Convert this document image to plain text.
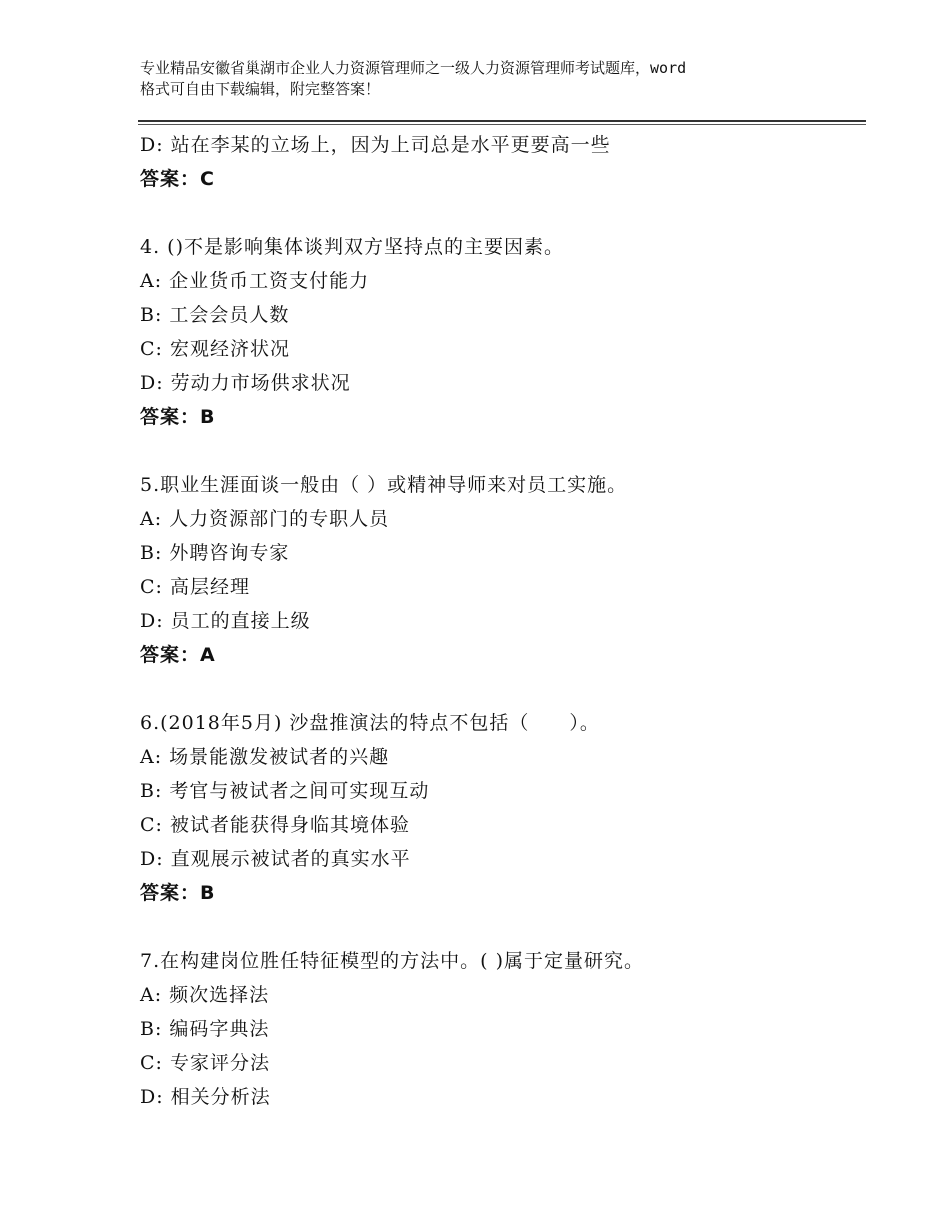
专业精品安徽省巢湖市企业人力资源管理师之一级人力资源管理师考试题库，word
格式可自由下载编辑，附完整答案！
D: 站在李某的立场上，因为上司总是水平更要高一些
答案：C
4. ()不是影响集体谈判双方坚持点的主要因素。
A: 企业货币工资支付能力
B: 工会会员人数
C: 宏观经济状况
D: 劳动力市场供求状况
答案：B
5.职业生涯面谈一般由（ ）或精神导师来对员工实施。
A: 人力资源部门的专职人员
B: 外聘咨询专家
C: 高层经理
D: 员工的直接上级
答案：A
6.(2018年5月) 沙盘推演法的特点不包括（　　）。
A: 场景能激发被试者的兴趣
B: 考官与被试者之间可实现互动
C: 被试者能获得身临其境体验
D: 直观展示被试者的真实水平
答案：B
7.在构建岗位胜任特征模型的方法中。( )属于定量研究。
A: 频次选择法
B: 编码字典法
C: 专家评分法
D: 相关分析法
